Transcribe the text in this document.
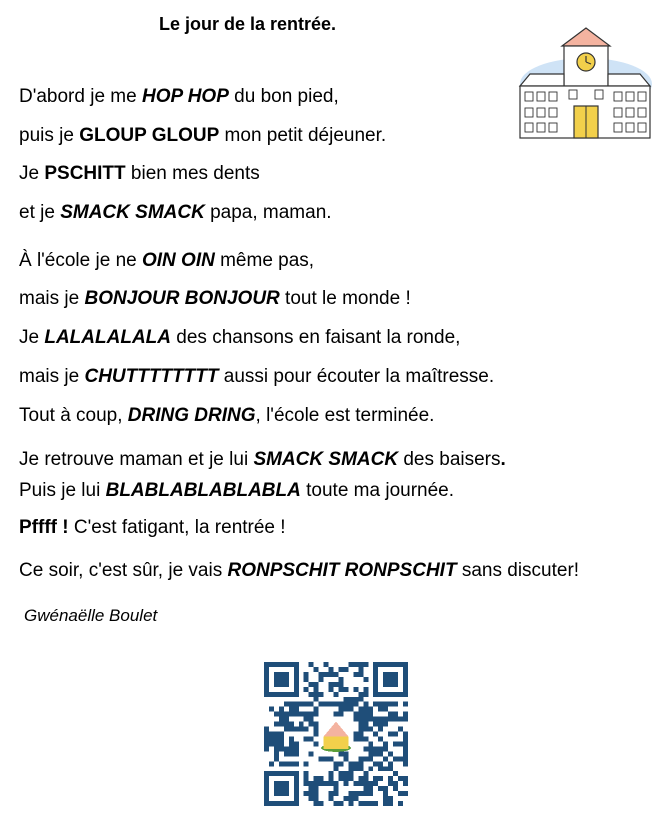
Le jour de la rentrée.
D'abord je me HOP HOP du bon pied,
puis je GLOUP GLOUP mon petit déjeuner.
Je PSCHITT bien mes dents
et je SMACK SMACK papa, maman.
À l'école je ne OIN OIN même pas,
mais je BONJOUR BONJOUR tout le monde !
Je LALALALALA des chansons en faisant la ronde,
mais je CHUTTTTTTTT aussi pour écouter la maîtresse.
Tout à coup, DRING DRING, l'école est terminée.
Je retrouve maman et je lui SMACK SMACK des baisers.
Puis je lui BLABLABLABLABLA toute ma journée.
Pffff ! C'est fatigant, la rentrée !
Ce soir, c'est sûr, je vais RONPSCHIT RONPSCHIT sans discuter!
Gwénaëlle Boulet
